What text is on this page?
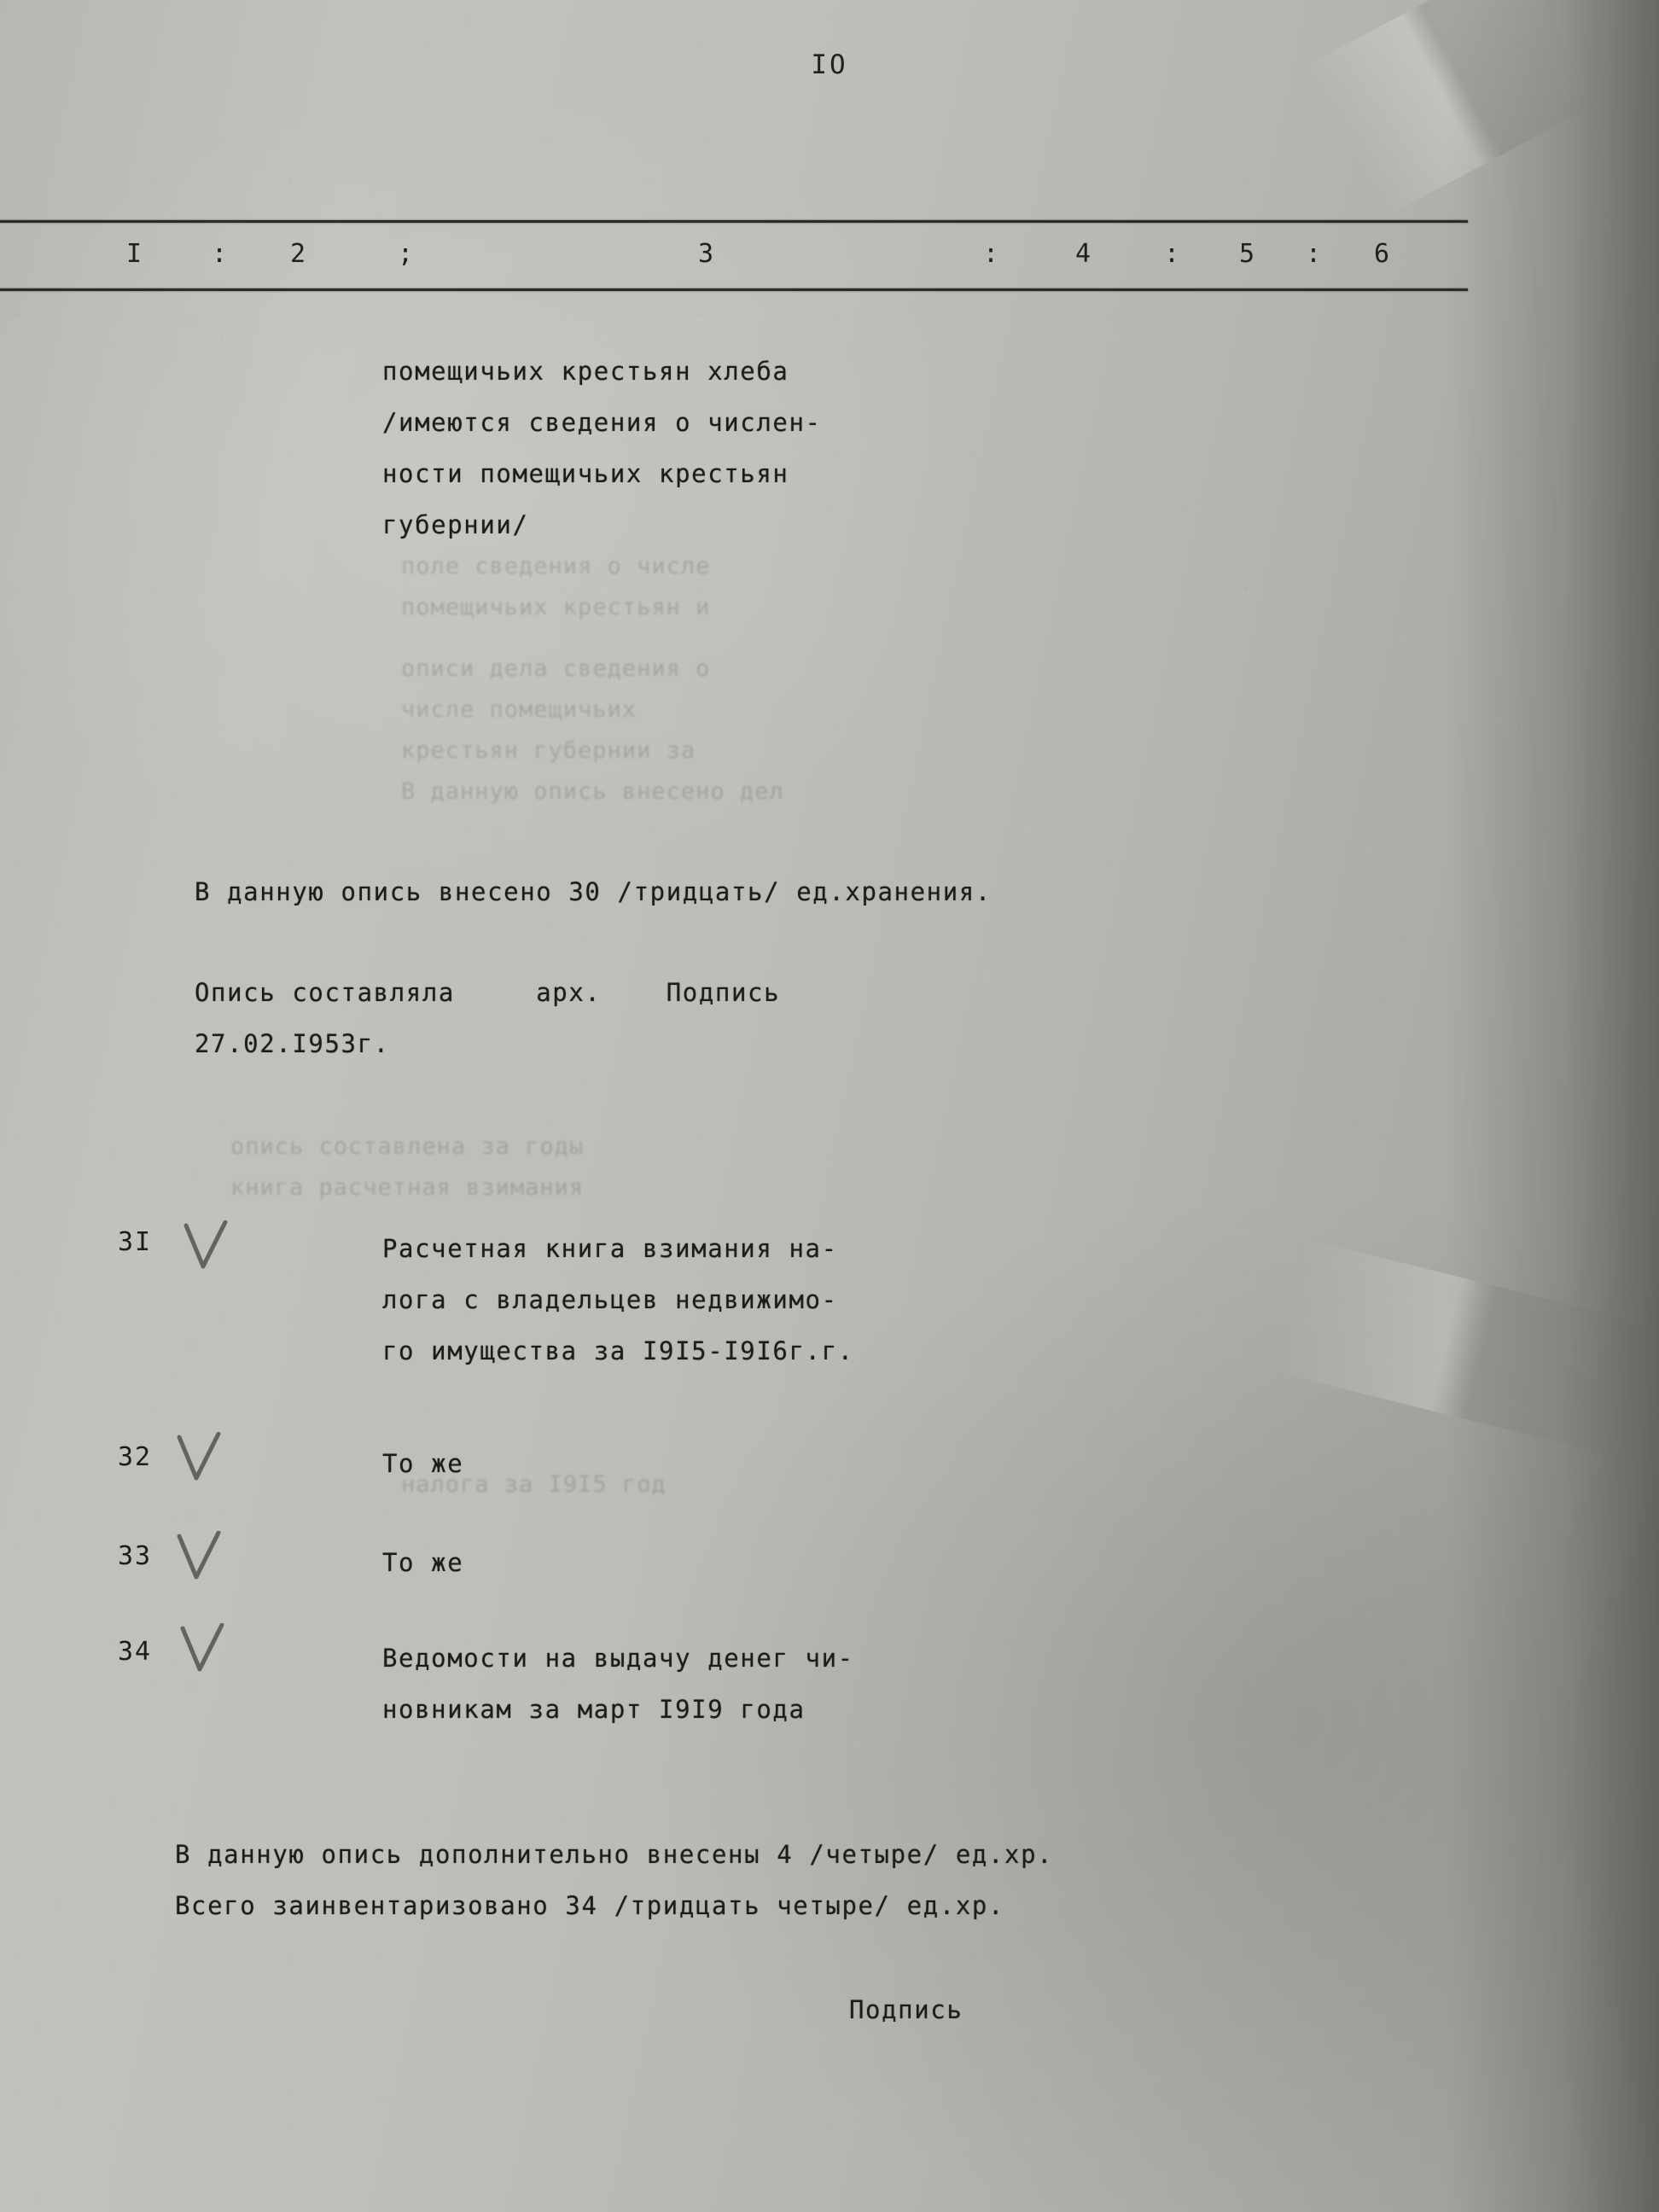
IO
I	: 2	;	3	:	4	: 5 : 6
помещичьих крестьян хлеба
/имеются сведения о числен-
ности помещичьих крестьян
губернии/
поле сведения о числе
помещичьих крестьян и
описи дела сведения о
числе помещичьих
крестьян губернии за
В данную опись внесено дел
В данную опись внесено 30 /тридцать/ ед.хранения.
Опись составляла     арх.    Подпись
27.02.I953г.
опись составлена за годы
книга расчетная взимания
3I	Расчетная книга взимания на-
лога с владельцев недвижимо-
го имущества за I9I5-I9I6г.г.
32	То же
33	То же
34	Ведомости на выдачу денег чи-
новникам за март I9I9 года
налога за I9I5 год
В данную опись дополнительно внесены 4 /четыре/ ед.хр.
Всего заинвентаризовано 34 /тридцать четыре/ ед.хр.
Подпись
